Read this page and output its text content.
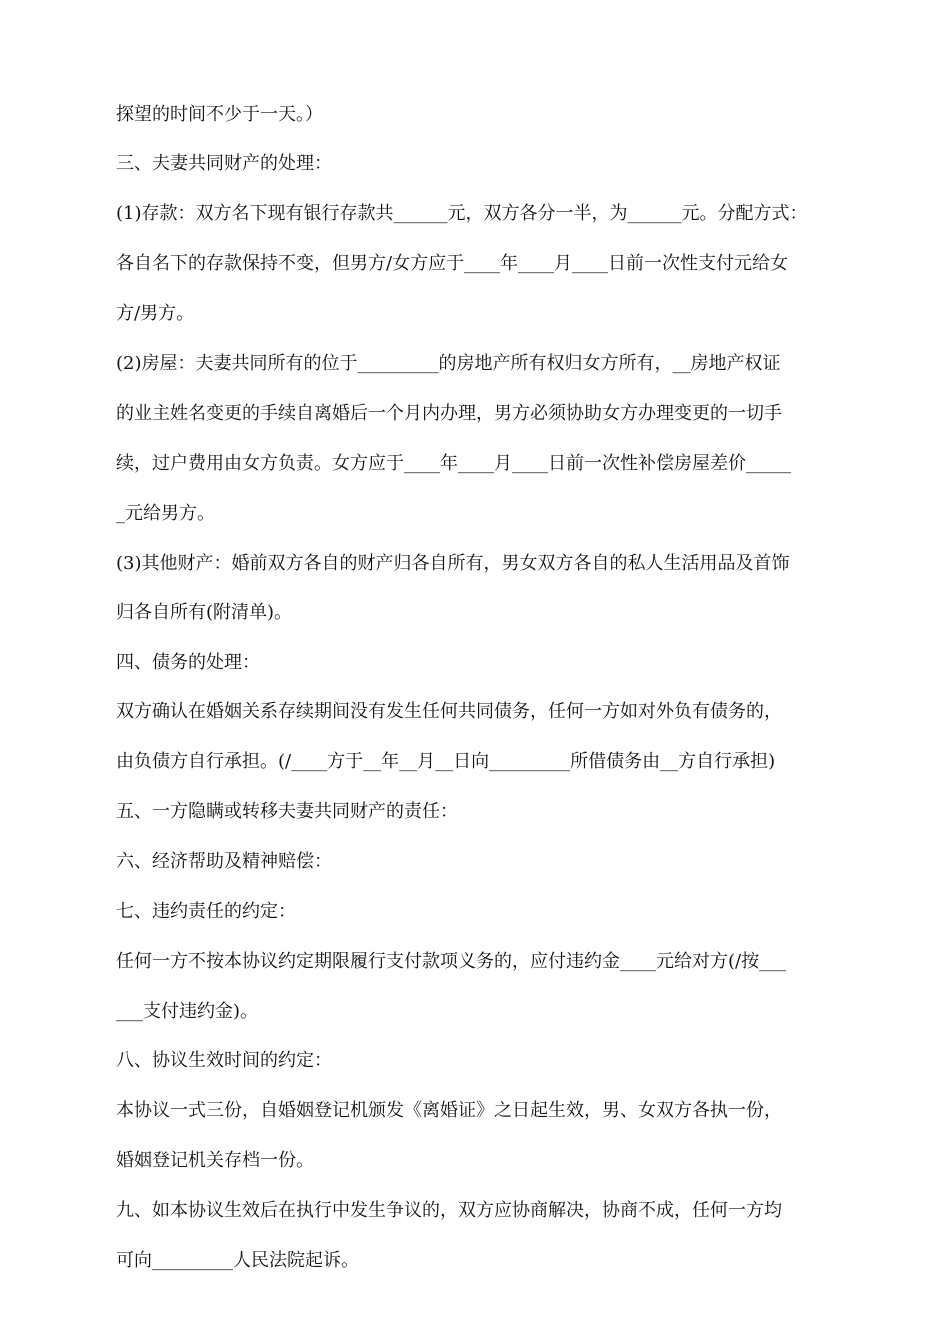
探望的时间不少于一天。）

三、夫妻共同财产的处理：

(1)存款：双方名下现有银行存款共______元，双方各分一半，为______元。分配方式：

各自名下的存款保持不变，但男方/女方应于____年____月____日前一次性支付元给女

方/男方。

(2)房屋：夫妻共同所有的位于_________的房地产所有权归女方所有，__房地产权证

的业主姓名变更的手续自离婚后一个月内办理，男方必须协助女方办理变更的一切手

续，过户费用由女方负责。女方应于____年____月____日前一次性补偿房屋差价_____

_元给男方。

(3)其他财产：婚前双方各自的财产归各自所有，男女双方各自的私人生活用品及首饰

归各自所有(附清单)。

四、债务的处理：

双方确认在婚姻关系存续期间没有发生任何共同债务，任何一方如对外负有债务的，

由负债方自行承担。(/____方于__年__月__日向_________所借债务由__方自行承担)

五、一方隐瞒或转移夫妻共同财产的责任：

六、经济帮助及精神赔偿：

七、违约责任的约定：

任何一方不按本协议约定期限履行支付款项义务的，应付违约金____元给对方(/按___

___支付违约金)。

八、协议生效时间的约定：

本协议一式三份，自婚姻登记机颁发《离婚证》之日起生效，男、女双方各执一份，

婚姻登记机关存档一份。

九、如本协议生效后在执行中发生争议的，双方应协商解决，协商不成，任何一方均

可向_________人民法院起诉。
